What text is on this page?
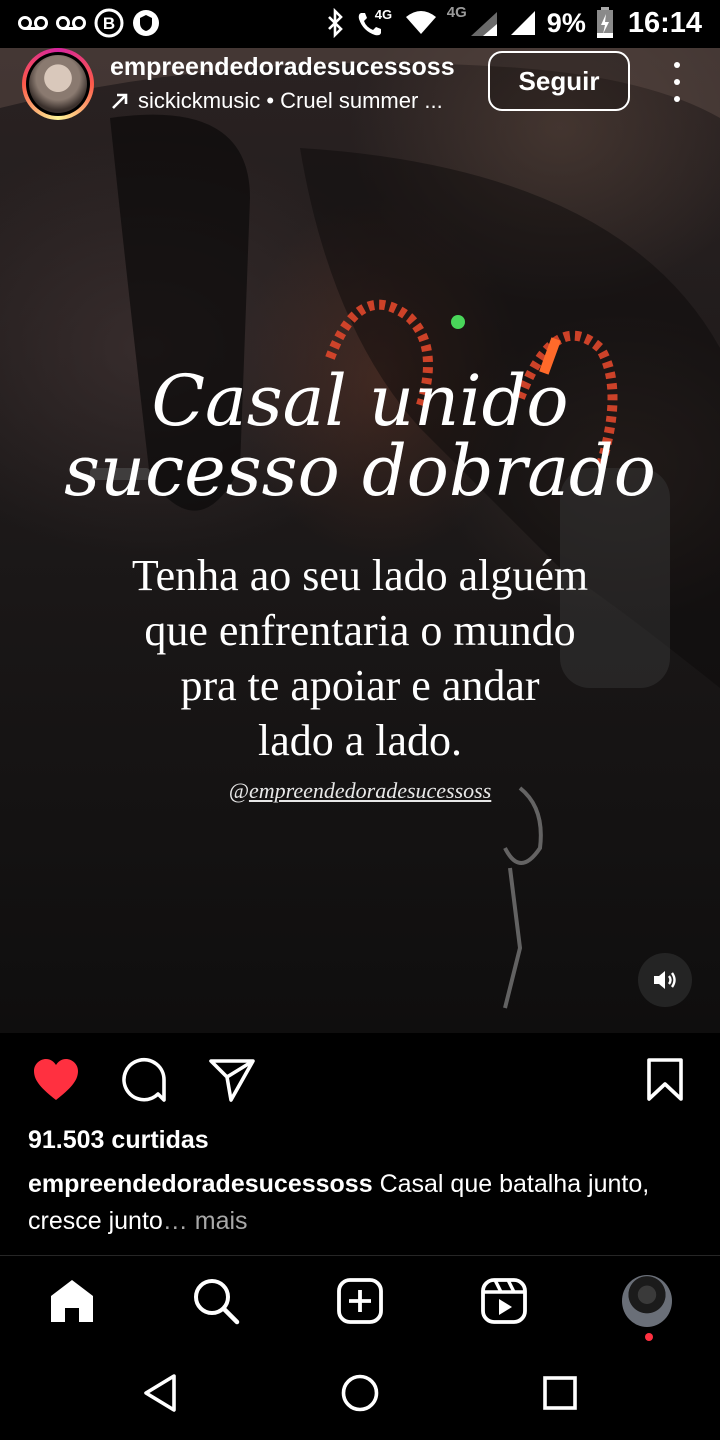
B	4G	4G	9% 16:14
empreendedoradesucessoss
sickickmusic • Cruel summer ...
Seguir
Casal unido
sucesso dobrado
Tenha ao seu lado alguém
que enfrentaria o mundo
pra te apoiar e andar
lado a lado.
@empreendedoradesucessoss
91.503 curtidas
empreendedoradesucessoss Casal que batalha junto, cresce junto… mais
